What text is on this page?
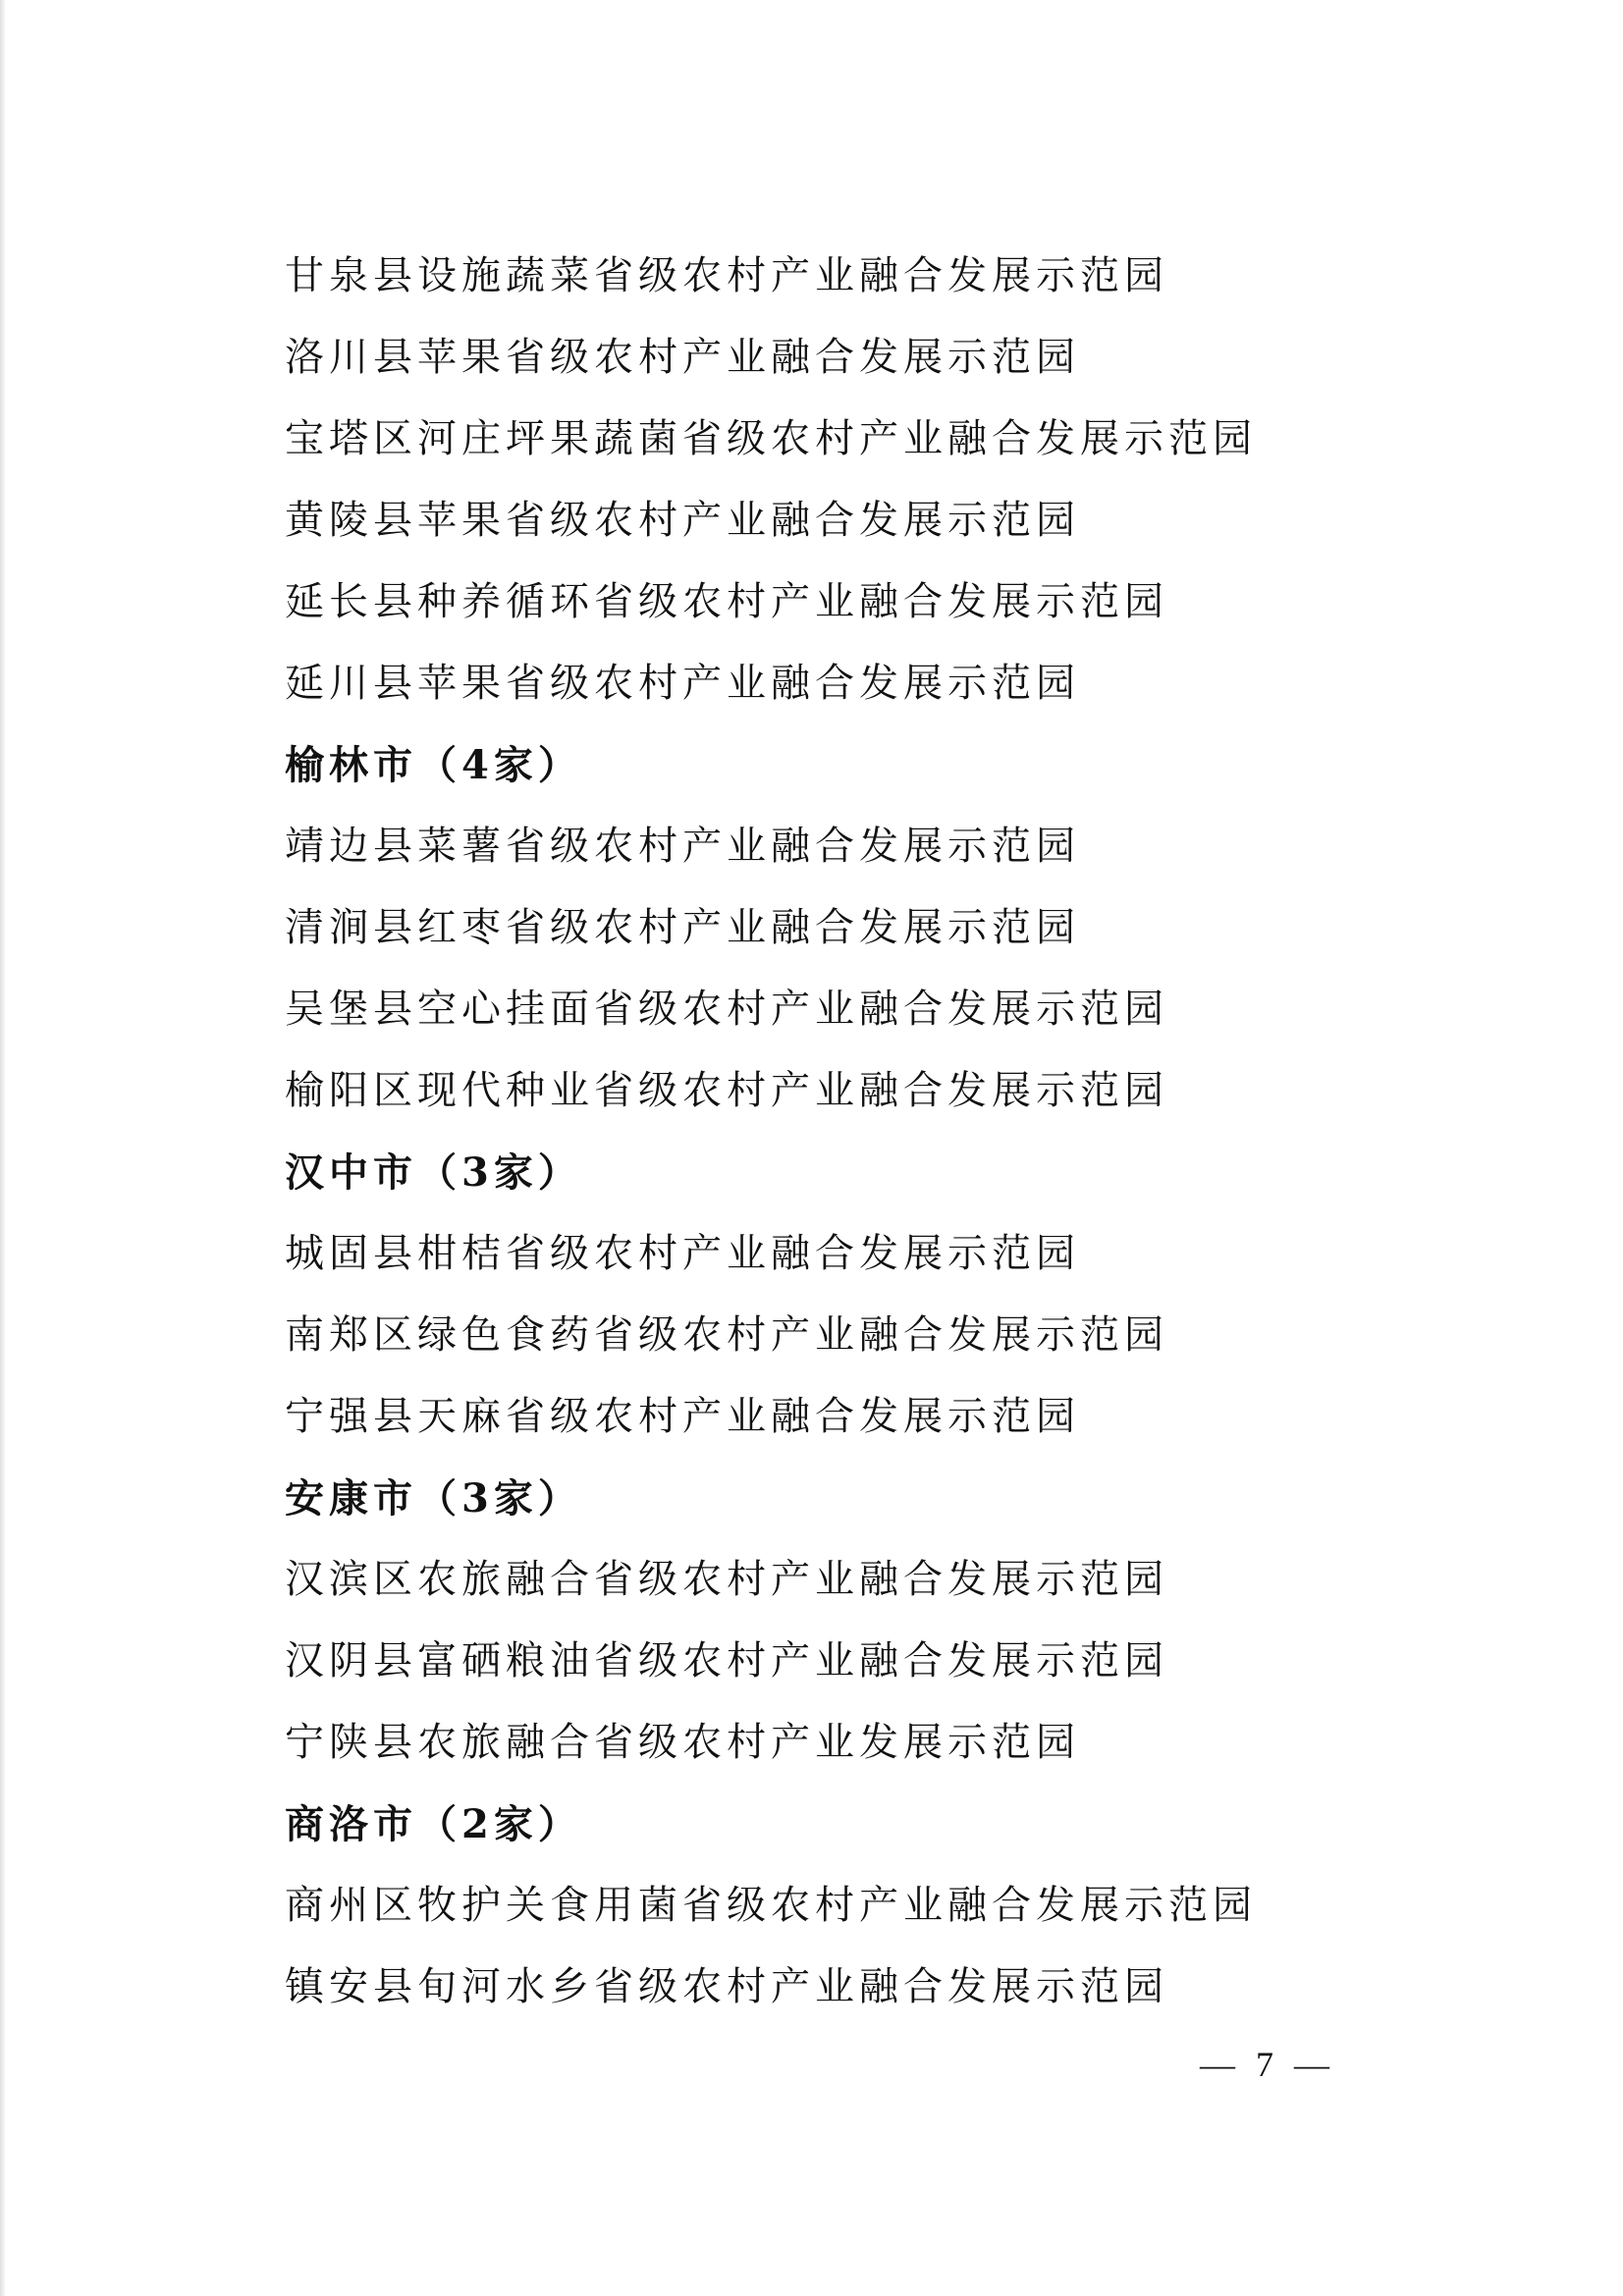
甘泉县设施蔬菜省级农村产业融合发展示范园
洛川县苹果省级农村产业融合发展示范园
宝塔区河庄坪果蔬菌省级农村产业融合发展示范园
黄陵县苹果省级农村产业融合发展示范园
延长县种养循环省级农村产业融合发展示范园
延川县苹果省级农村产业融合发展示范园
榆林市（4家）
靖边县菜薯省级农村产业融合发展示范园
清涧县红枣省级农村产业融合发展示范园
吴堡县空心挂面省级农村产业融合发展示范园
榆阳区现代种业省级农村产业融合发展示范园
汉中市（3家）
城固县柑桔省级农村产业融合发展示范园
南郑区绿色食药省级农村产业融合发展示范园
宁强县天麻省级农村产业融合发展示范园
安康市（3家）
汉滨区农旅融合省级农村产业融合发展示范园
汉阴县富硒粮油省级农村产业融合发展示范园
宁陕县农旅融合省级农村产业发展示范园
商洛市（2家）
商州区牧护关食用菌省级农村产业融合发展示范园
镇安县旬河水乡省级农村产业融合发展示范园
— 7 —
